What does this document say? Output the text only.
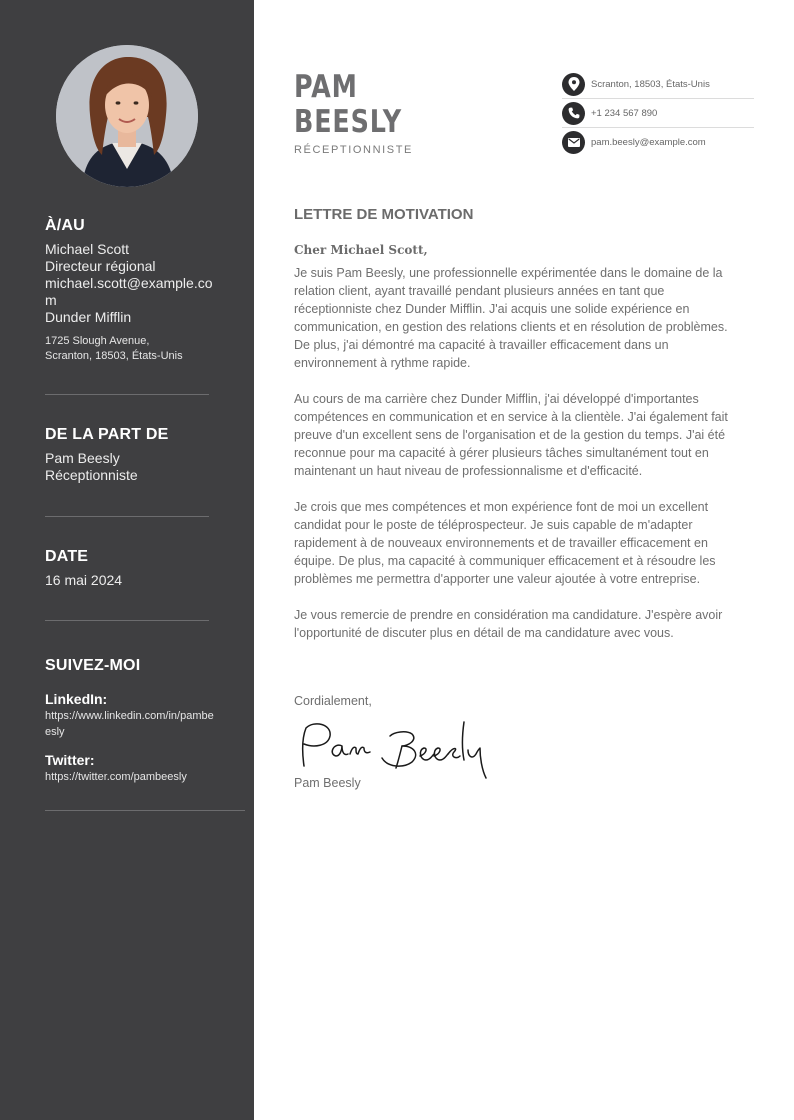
À/AU
Michael Scott
Directeur régional
michael.scott@example.com
Dunder Mifflin
1725 Slough Avenue,
Scranton, 18503, États-Unis
DE LA PART DE
Pam Beesly
Réceptionniste
DATE
16 mai 2024
SUIVEZ-MOI
LinkedIn:
https://www.linkedin.com/in/pambeesly
Twitter:
https://twitter.com/pambeesly
PAM
BEESLY
RÉCEPTIONNISTE
Scranton, 18503, États-Unis
+1 234 567 890
pam.beesly@example.com
LETTRE DE MOTIVATION
Cher Michael Scott,

Je suis Pam Beesly, une professionnelle expérimentée dans le domaine de la relation client, ayant travaillé pendant plusieurs années en tant que réceptionniste chez Dunder Mifflin. J'ai acquis une solide expérience en communication, en gestion des relations clients et en résolution de problèmes. De plus, j'ai démontré ma capacité à travailler efficacement dans un environnement à rythme rapide.

Au cours de ma carrière chez Dunder Mifflin, j'ai développé d'importantes compétences en communication et en service à la clientèle. J'ai également fait preuve d'un excellent sens de l'organisation et de la gestion du temps. J'ai été reconnue pour ma capacité à gérer plusieurs tâches simultanément tout en maintenant un haut niveau de professionnalisme et d'efficacité.

Je crois que mes compétences et mon expérience font de moi un excellent candidat pour le poste de téléprospecteur. Je suis capable de m'adapter rapidement à de nouveaux environnements et de travailler efficacement en équipe. De plus, ma capacité à communiquer efficacement et à résoudre les problèmes me permettra d'apporter une valeur ajoutée à votre entreprise.

Je vous remercie de prendre en considération ma candidature. J'espère avoir l'opportunité de discuter plus en détail de ma candidature avec vous.

Cordialement,
Pam Beesly
